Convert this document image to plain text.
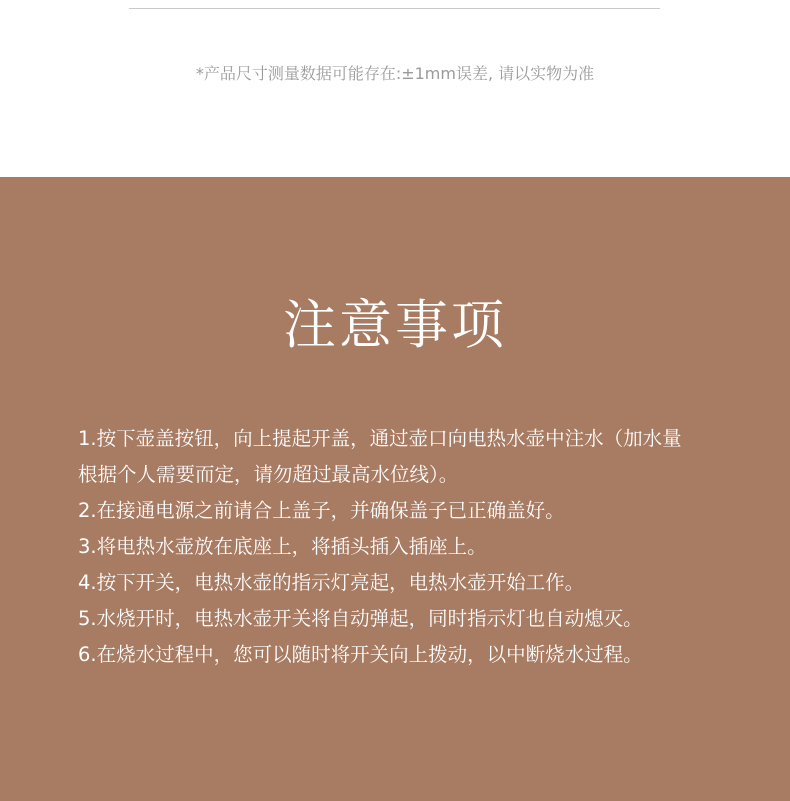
*产品尺寸测量数据可能存在:±1mm误差, 请以实物为准
注意事项
1.按下壶盖按钮，向上提起开盖，通过壶口向电热水壶中注水（加水量
根据个人需要而定，请勿超过最高水位线）。
2.在接通电源之前请合上盖子，并确保盖子已正确盖好。
3.将电热水壶放在底座上，将插头插入插座上。
4.按下开关，电热水壶的指示灯亮起，电热水壶开始工作。
5.水烧开时，电热水壶开关将自动弹起，同时指示灯也自动熄灭。
6.在烧水过程中，您可以随时将开关向上拨动，以中断烧水过程。
